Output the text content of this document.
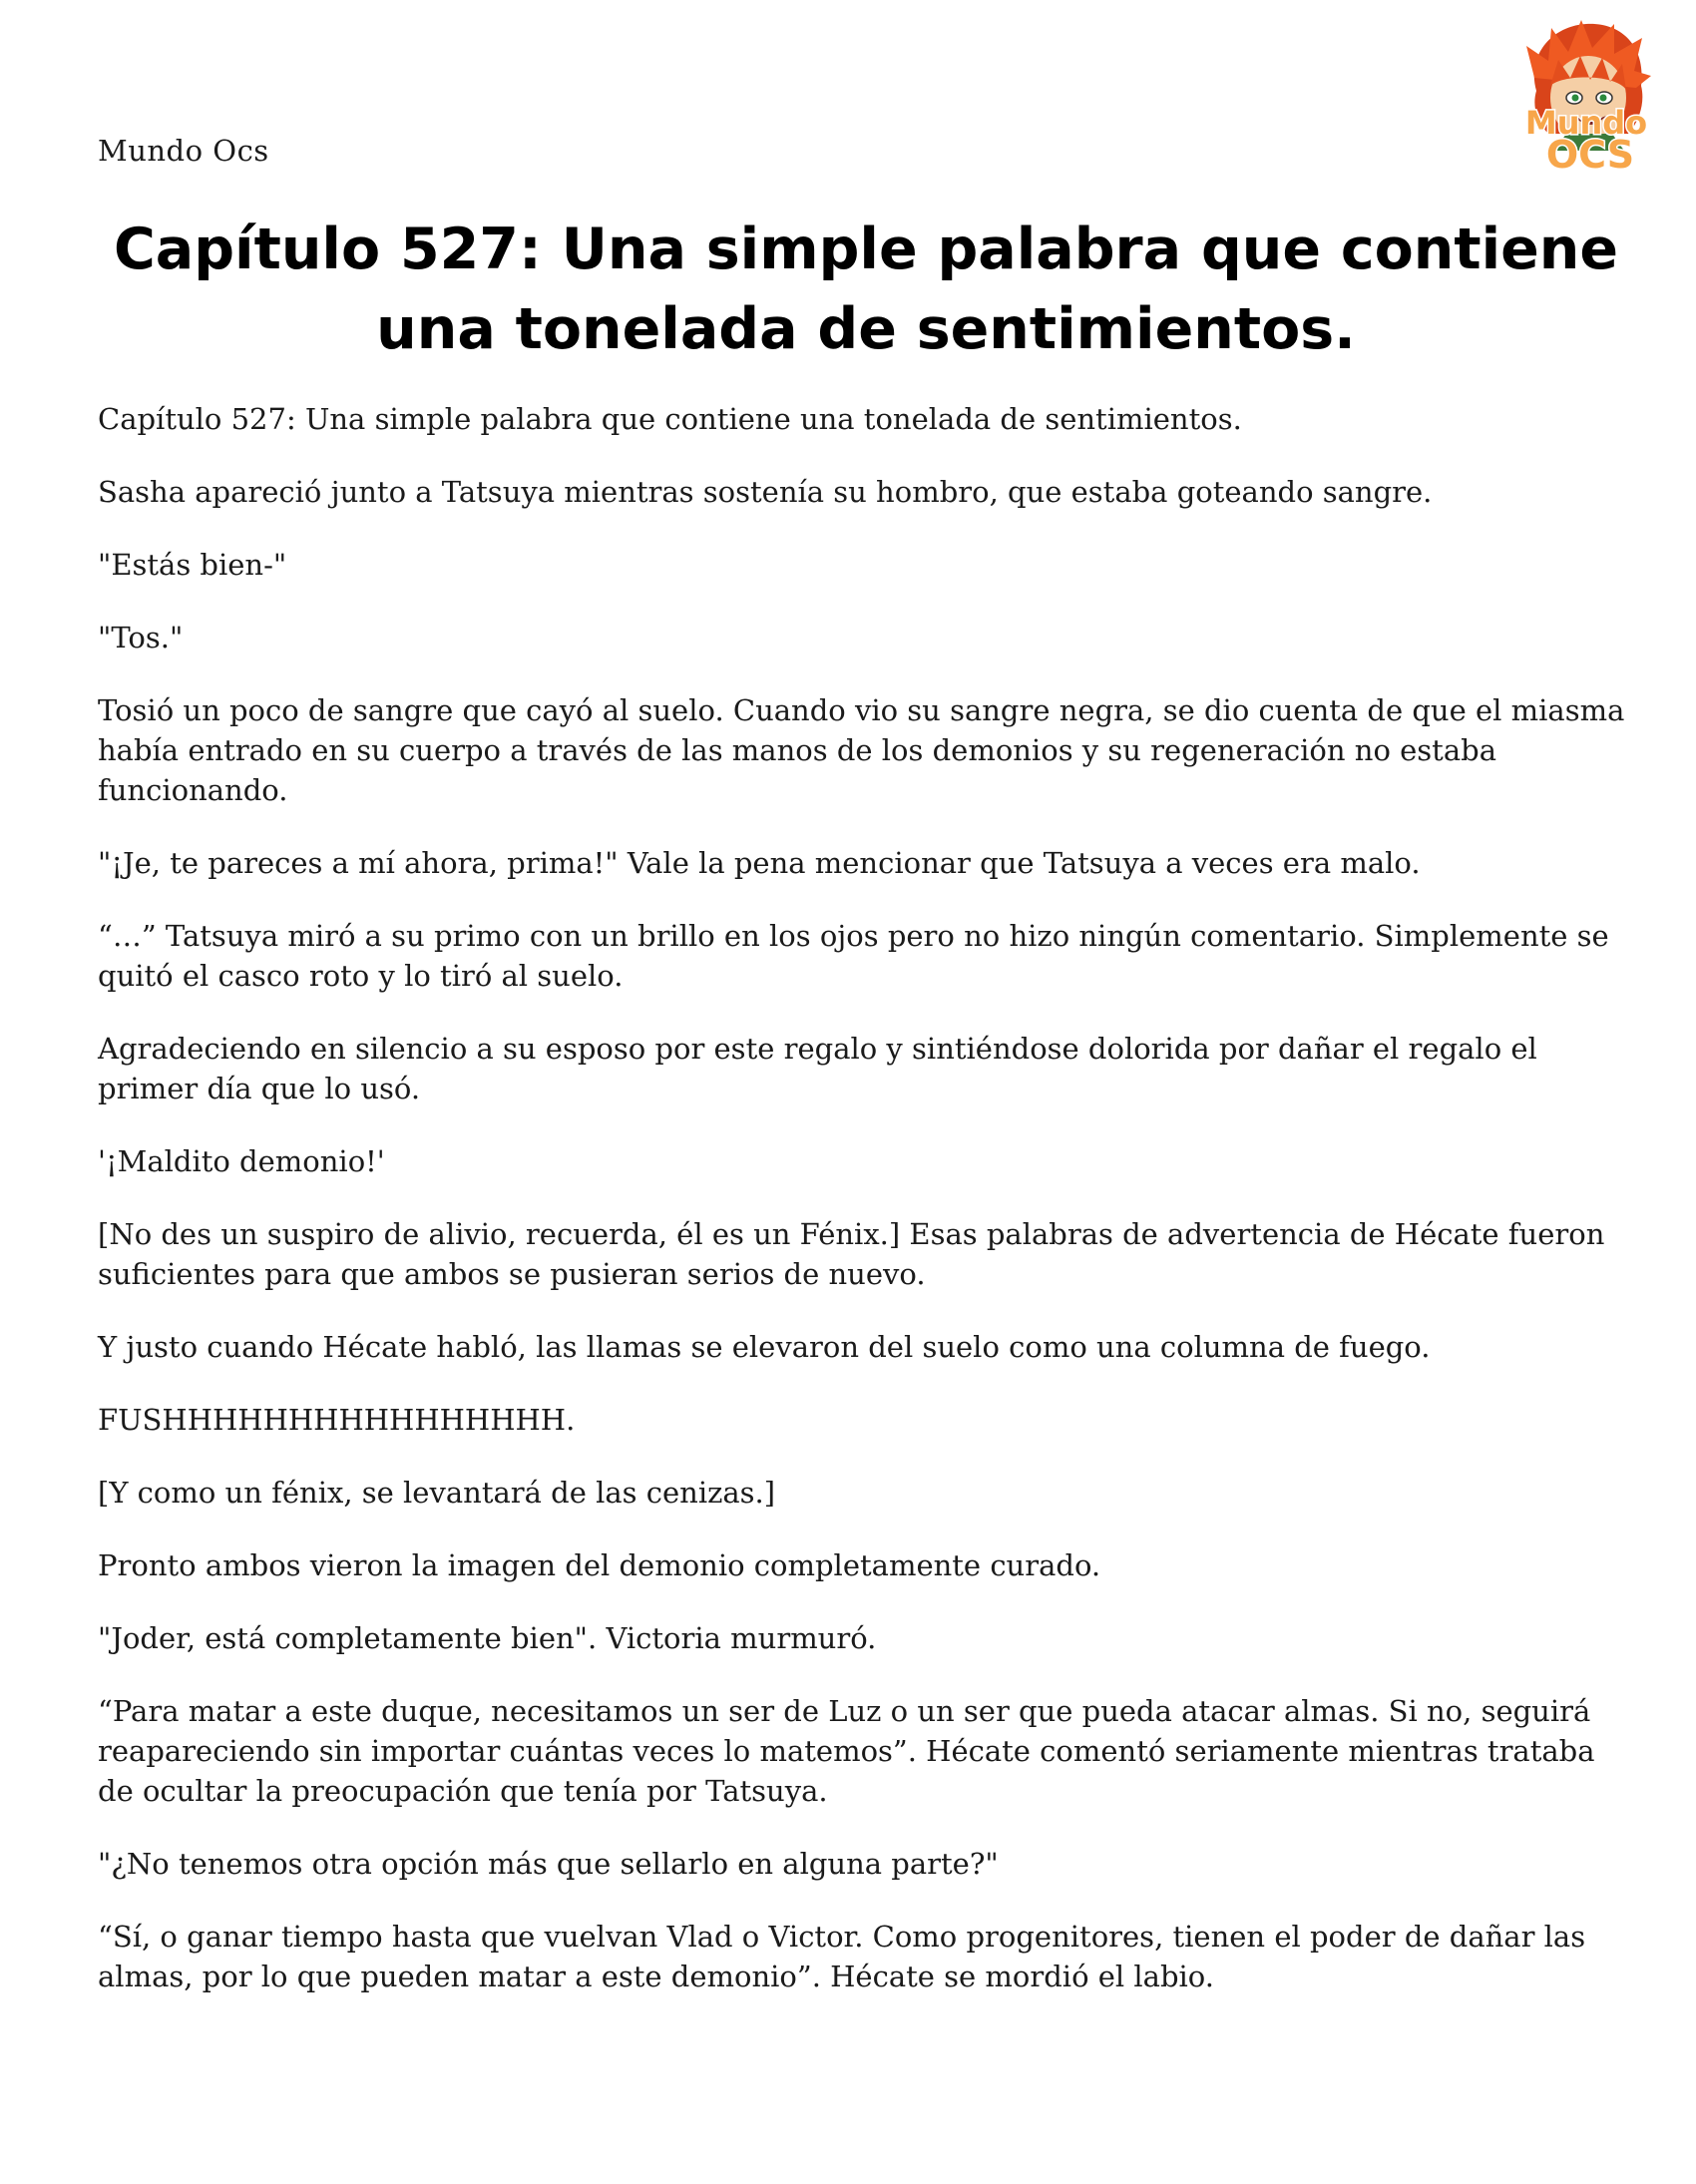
Mundo Ocs
Mundo
OCS
Capítulo 527: Una simple palabra que contiene una tonelada de sentimientos.

Capítulo 527: Una simple palabra que contiene una tonelada de sentimientos.

Sasha apareció junto a Tatsuya mientras sostenía su hombro, que estaba goteando sangre.

"Estás bien-"

"Tos."

Tosió un poco de sangre que cayó al suelo. Cuando vio su sangre negra, se dio cuenta de que el miasma había entrado en su cuerpo a través de las manos de los demonios y su regeneración no estaba funcionando.

"¡Je, te pareces a mí ahora, prima!" Vale la pena mencionar que Tatsuya a veces era malo.

“…” Tatsuya miró a su primo con un brillo en los ojos pero no hizo ningún comentario. Simplemente se quitó el casco roto y lo tiró al suelo.

Agradeciendo en silencio a su esposo por este regalo y sintiéndose dolorida por dañar el regalo el primer día que lo usó.

'¡Maldito demonio!'

[No des un suspiro de alivio, recuerda, él es un Fénix.] Esas palabras de advertencia de Hécate fueron suficientes para que ambos se pusieran serios de nuevo.

Y justo cuando Hécate habló, las llamas se elevaron del suelo como una columna de fuego.

FUSHHHHHHHHHHHHHHHH.

[Y como un fénix, se levantará de las cenizas.]

Pronto ambos vieron la imagen del demonio completamente curado.

"Joder, está completamente bien". Victoria murmuró.

“Para matar a este duque, necesitamos un ser de Luz o un ser que pueda atacar almas. Si no, seguirá reapareciendo sin importar cuántas veces lo matemos”. Hécate comentó seriamente mientras trataba de ocultar la preocupación que tenía por Tatsuya.

"¿No tenemos otra opción más que sellarlo en alguna parte?"

“Sí, o ganar tiempo hasta que vuelvan Vlad o Victor. Como progenitores, tienen el poder de dañar las almas, por lo que pueden matar a este demonio”. Hécate se mordió el labio.
